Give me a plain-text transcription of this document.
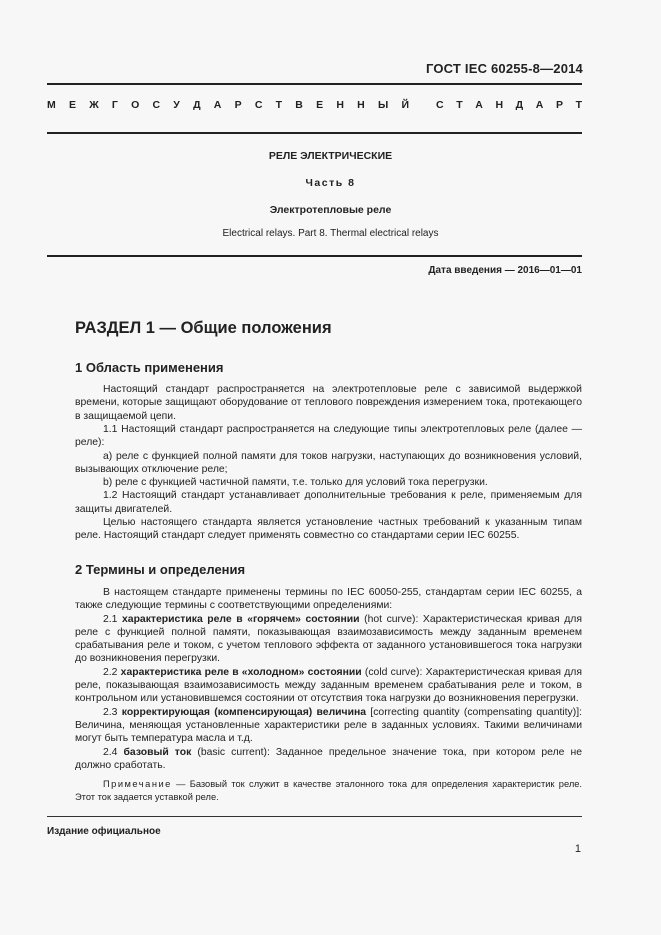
ГОСТ IEC 60255-8—2014
М Е Ж Г О С У Д А Р С Т В Е Н Н Ы Й	С Т А Н Д А Р Т
РЕЛЕ ЭЛЕКТРИЧЕСКИЕ
Часть 8
Электротепловые реле
Electrical relays. Part 8. Thermal electrical relays
Дата введения — 2016—01—01
РАЗДЕЛ 1 — Общие положения
1 Область применения

Настоящий стандарт распространяется на электротепловые реле с зависимой выдержкой времени, которые защищают оборудование от теплового повреждения измерением тока, протекающего в защищаемой цепи.

1.1 Настоящий стандарт распространяется на следующие типы электротепловых реле (далее — реле):

а) реле с функцией полной памяти для токов нагрузки, наступающих до возникновения условий, вызывающих отключение реле;

b) реле с функцией частичной памяти, т.е. только для условий тока перегрузки.

1.2 Настоящий стандарт устанавливает дополнительные требования к реле, применяемым для защиты двигателей.

Целью настоящего стандарта является установление частных требований к указанным типам реле. Настоящий стандарт следует применять совместно со стандартами серии IEC 60255.

2 Термины и определения

В настоящем стандарте применены термины по IEC 60050-255, стандартам серии IEC 60255, а также следующие термины с соответствующими определениями:

2.1 характеристика реле в «горячем» состоянии (hot curve): Характеристическая кривая для реле с функцией полной памяти, показывающая взаимозависимость между заданным временем срабатывания реле и током, с учетом теплового эффекта от заданного установившегося тока нагрузки до возникновения перегрузки.

2.2 характеристика реле в «холодном» состоянии (cold curve): Характеристическая кривая для реле, показывающая взаимозависимость между заданным временем срабатывания реле и током, в контрольном или установившемся состоянии от отсутствия тока нагрузки до возникновения перегрузки.

2.3 корректирующая (компенсирующая) величина [correcting quantity (compensating quantity)]: Величина, меняющая установленные характеристики реле в заданных условиях. Такими величинами могут быть температура масла и т.д.

2.4 базовый ток (basic current): Заданное предельное значение тока, при котором реле не должно сработать.

Примечание — Базовый ток служит в качестве эталонного тока для определения характеристик реле. Этот ток задается уставкой реле.

Издание официальное
1
